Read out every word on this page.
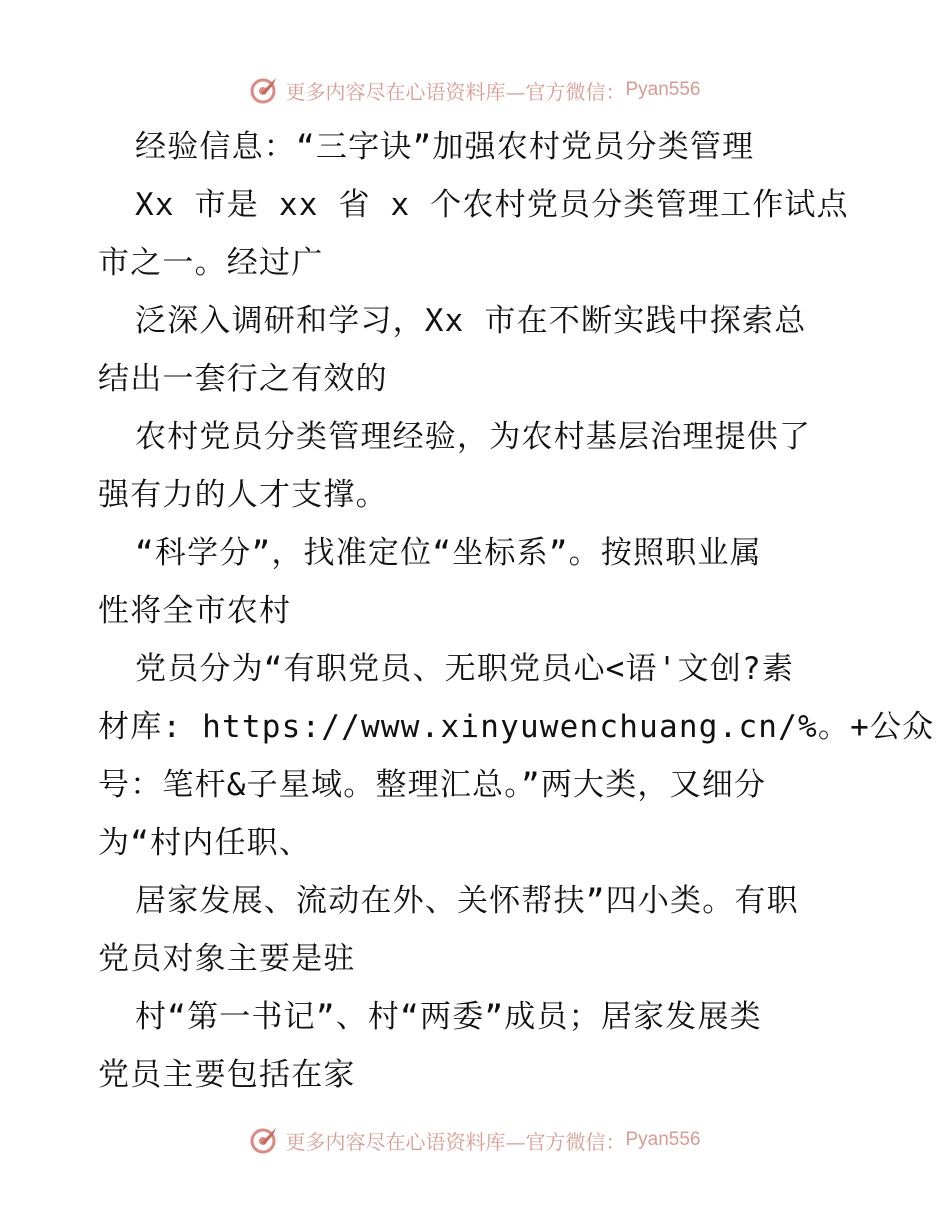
更多内容尽在心语资料库—官方微信： Pyan556
经验信息：“三字诀”加强农村党员分类管理
Xx 市是 xx 省 x 个农村党员分类管理工作试点
市之一。经过广
泛深入调研和学习，Xx 市在不断实践中探索总
结出一套行之有效的
农村党员分类管理经验，为农村基层治理提供了
强有力的人才支撑。
“科学分”，找准定位“坐标系”。按照职业属
性将全市农村
党员分为“有职党员、无职党员心<语'文创?素
材库: https://www.xinyuwenchuang.cn/%。+公众
号：笔杆&子星域。整理汇总。”两大类，又细分
为“村内任职、
居家发展、流动在外、关怀帮扶”四小类。有职
党员对象主要是驻
村“第一书记”、村“两委”成员；居家发展类
党员主要包括在家
更多内容尽在心语资料库—官方微信： Pyan556
